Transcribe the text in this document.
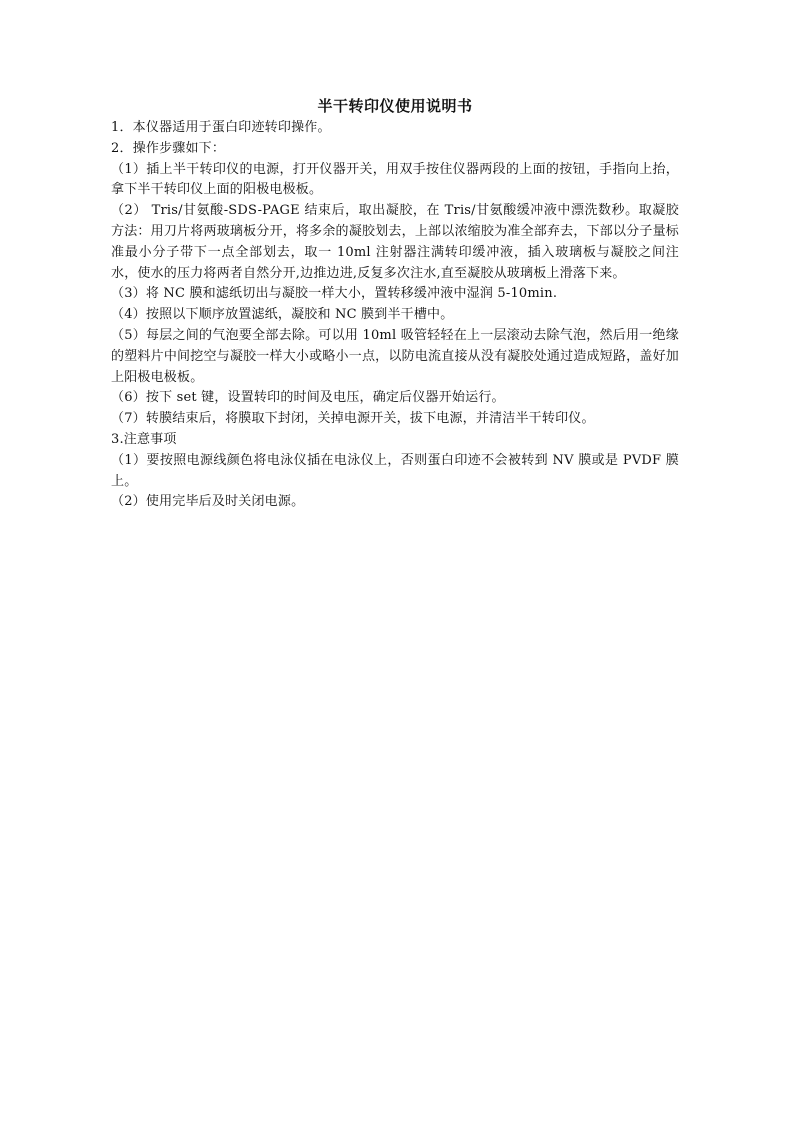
半干转印仪使用说明书

1．本仪器适用于蛋白印迹转印操作。

2．操作步骤如下：

（1）插上半干转印仪的电源，打开仪器开关，用双手按住仪器两段的上面的按钮，手指向上抬，拿下半干转印仪上面的阳极电极板。

（2） Tris/甘氨酸-SDS-PAGE 结束后，取出凝胶，在 Tris/甘氨酸缓冲液中漂洗数秒。取凝胶方法：用刀片将两玻璃板分开，将多余的凝胶划去，上部以浓缩胶为准全部弃去，下部以分子量标准最小分子带下一点全部划去，取一 10ml 注射器注满转印缓冲液，插入玻璃板与凝胶之间注水，使水的压力将两者自然分开,边推边进,反复多次注水,直至凝胶从玻璃板上滑落下来。

（3）将 NC 膜和滤纸切出与凝胶一样大小，置转移缓冲液中湿润 5-10min.

（4）按照以下顺序放置滤纸，凝胶和 NC 膜到半干槽中。

（5）每层之间的气泡要全部去除。可以用 10ml 吸管轻轻在上一层滚动去除气泡，然后用一绝缘的塑料片中间挖空与凝胶一样大小或略小一点，以防电流直接从没有凝胶处通过造成短路，盖好加上阳极电极板。

（6）按下 set 键，设置转印的时间及电压，确定后仪器开始运行。

（7）转膜结束后，将膜取下封闭，关掉电源开关，拔下电源，并清洁半干转印仪。

3.注意事项

（1）要按照电源线颜色将电泳仪插在电泳仪上，否则蛋白印迹不会被转到 NV 膜或是 PVDF 膜上。

（2）使用完毕后及时关闭电源。
